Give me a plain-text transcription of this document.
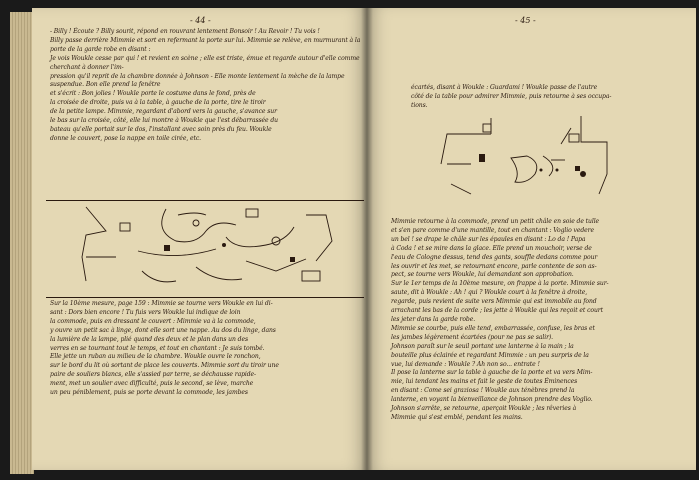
- 44 -
- Billy ! Écoute ? Billy sourit, répond en rouvrant lentement Bonsoir ! Au Revoir ! Tu vois !
Billy passe derrière Mimmie et sort en refermant la porte sur lui. Mimmie se relève, en murmurant à la porte de la garde robe en disant :
Je vois Woukle cesse par qui ! et revient en scène ; elle est triste, émue et regarde autour d'elle comme cherchant à donner l'im-
pression qu'il reprit de la chambre donnée à Johnson - Elle monte lentement la mèche de la lampe suspendue. Bon elle prend la fenêtre
et s'écrit : Bon jolies ! Woukle porte le costume dans le fond, près de
la croisée de droite, puis va à la table, à gauche de la porte, tire le tiroir
de la petite lampe. Mimmie, regardant d'abord vers la gauche, s'avance sur
le bas sur la croisée, côté, elle lui montre à Woukle que l'est débarrassée du
bateau qu'elle portait sur le dos, l'installant avec soin près du feu. Woukle
donne le couvert, pose la nappe en toile cirée, etc.
Sur la 10ème mesure, page 159 : Mimmie se tourne vers Woukle en lui di-
sant : Dors bien encore ! Tu fuis vers Woukle lui indique de loin
la commode, puis en dressant le couvert : Mimmie va à la commode,
y ouvre un petit sac à linge, dont elle sort une nappe. Au dos du linge, dans
la lumière de la lampe, plié quand des deux et le plan dans un des
verres en se tournant tout le temps, et tout en chantant : Je suis tombé.
Elle jette un ruban au milieu de la chambre. Woukle ouvre le ronchon,
sur le bord du lit où sortant de place les couverts. Mimmie sort du tiroir une
paire de souliers blancs, elle s'assied par terre, se déchausse rapide-
ment, met un soulier avec difficulté, puis le second, se lève, marche
un peu péniblement, puis se porte devant la commode, les jambes
- 45 -
écartés, disant à Woukle : Guardami ! Woukle passe de l'autre
côté de la table pour admirer Mimmie, puis retourne à ses occupa-
tions.
Mimmie retourne à la commode, prend un petit châle en soie de tulle
et s'en pare comme d'une mantille, tout en chantant : Voglio vedere
un bel ! se drape le châle sur les épaules en disant : Lo da ! Papa
à Coda ! et se mire dans la glace. Elle prend un mouchoir, verse de
l'eau de Cologne dessus, tend des gants, souffle dedans comme pour
les ouvrir et les met, se retournant encore, parle contente de son as-
pect, se tourne vers Woukle, lui demandant son approbation.
Sur le 1er temps de la 10ème mesure, on frappe à la porte. Mimmie sur-
saute, dit à Woukle : Ah ! qui ? Woukle court à la fenêtre à droite,
regarde, puis revient de suite vers Mimmie qui est immobile au fond
arrachant les bas de la corde ; les jette à Woukle qui les reçoit et court
les jeter dans la garde robe.
Mimmie se courbe, puis elle tend, embarrassée, confuse, les bras et
les jambes légèrement écartées (pour ne pas se salir).
Johnson paraît sur le seuil portant une lanterne à la main ; la
bouteille plus éclairée et regardant Mimmie : un peu surpris de la
vue, lui demande : Woukle ? Ah non so... entrate !
Il pose la lanterne sur la table à gauche de la porte et va vers Mim-
mie, lui tendant les mains et fait le geste de toutes Éminences
en disant : Come sei graziosa ! Woukle aux ténèbres prend la
lanterne, en voyant la bienveillance de Johnson prendre des Voglio.
Johnson s'arrête, se retourne, aperçoit Woukle ; les rêveries à
Mimmie qui s'est emblé, pendant les mains.
